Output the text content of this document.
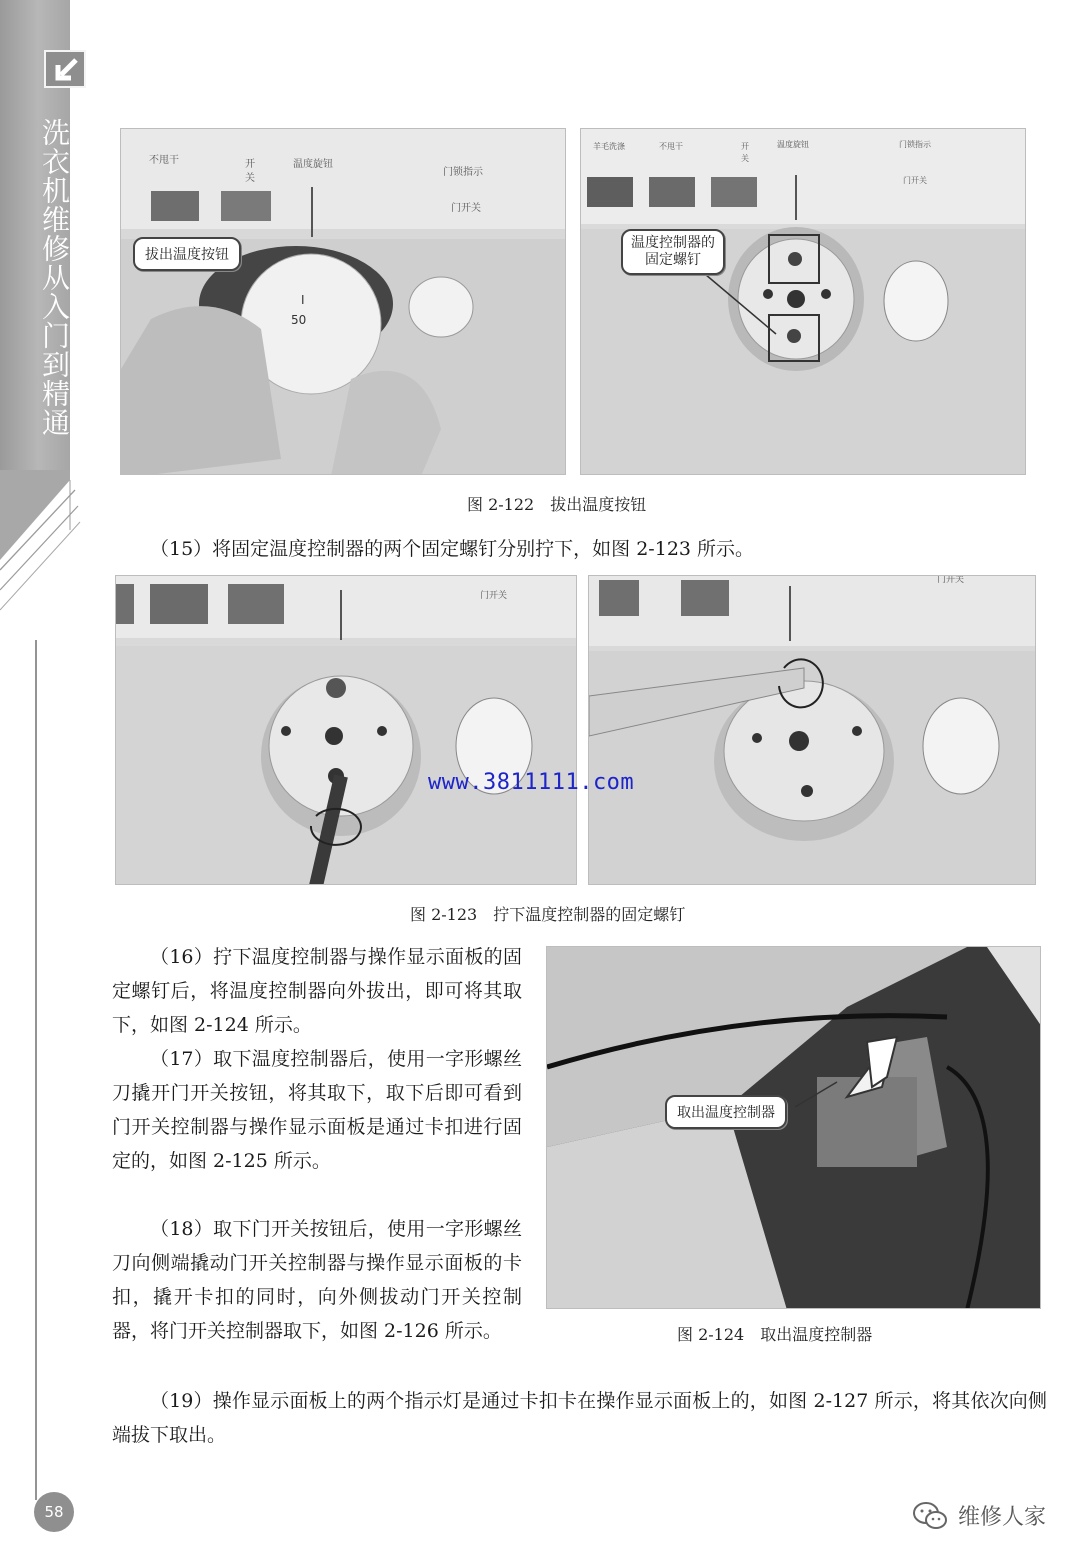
洗衣机维修从入门到精通
58
不甩干	开
关
温度旋钮
门锁指示
门开关
I
50
拔出温度按钮
羊毛洗涤	不甩干	开
关
温度旋钮	门锁指示
门开关
温度控制器的固定螺钉
图 2-122　拔出温度按钮

（15）将固定温度控制器的两个固定螺钉分别拧下，如图 2-123 所示。

门开关
门开关
www.3811111.com
图 2-123　拧下温度控制器的固定螺钉

（16）拧下温度控制器与操作显示面板的固定螺钉后，将温度控制器向外拔出，即可将其取下，如图 2-124 所示。

（17）取下温度控制器后，使用一字形螺丝刀撬开门开关按钮，将其取下，取下后即可看到门开关控制器与操作显示面板是通过卡扣进行固定的，如图 2-125 所示。

（18）取下门开关按钮后，使用一字形螺丝刀向侧端撬动门开关控制器与操作显示面板的卡扣，撬开卡扣的同时，向外侧拔动门开关控制器，将门开关控制器取下，如图 2-126 所示。

取出温度控制器
图 2-124　取出温度控制器

（19）操作显示面板上的两个指示灯是通过卡扣卡在操作显示面板上的，如图 2-127 所示，将其依次向侧端拔下取出。

维修人家
